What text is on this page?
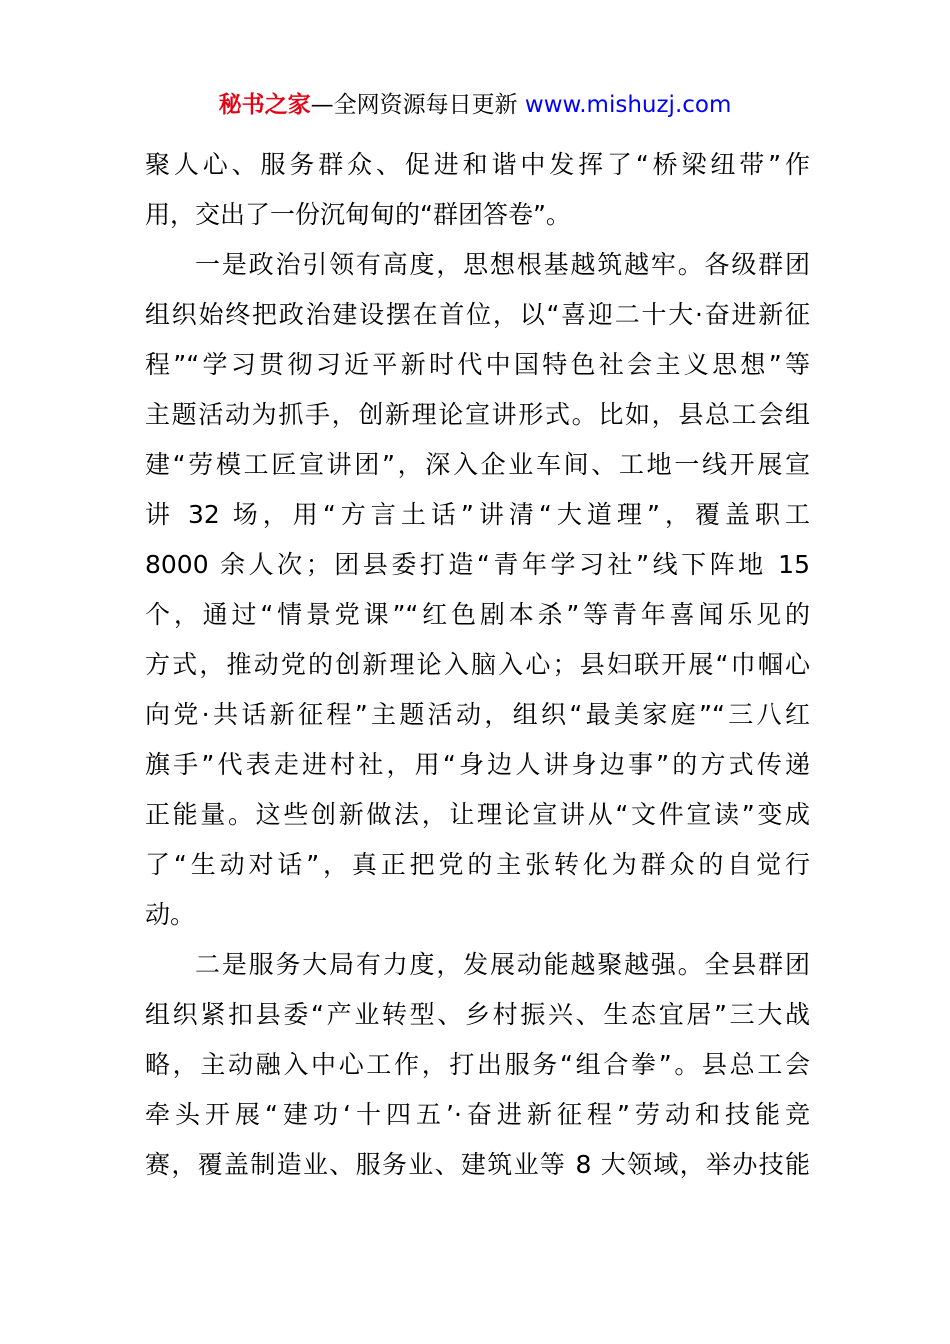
秘书之家—全网资源每日更新 www.mishuzj.com
聚人心、服务群众、促进和谐中发挥了“桥梁纽带”作
用，交出了一份沉甸甸的“群团答卷”。
一是政治引领有高度，思想根基越筑越牢。各级群团
组织始终把政治建设摆在首位，以“喜迎二十大·奋进新征
程”“学习贯彻习近平新时代中国特色社会主义思想”等
主题活动为抓手，创新理论宣讲形式。比如，县总工会组
建“劳模工匠宣讲团”，深入企业车间、工地一线开展宣
讲 32 场，用“方言土话”讲清“大道理”，覆盖职工
8000 余人次；团县委打造“青年学习社”线下阵地 15
个，通过“情景党课”“红色剧本杀”等青年喜闻乐见的
方式，推动党的创新理论入脑入心；县妇联开展“巾帼心
向党·共话新征程”主题活动，组织“最美家庭”“三八红
旗手”代表走进村社，用“身边人讲身边事”的方式传递
正能量。这些创新做法，让理论宣讲从“文件宣读”变成
了“生动对话”，真正把党的主张转化为群众的自觉行
动。
二是服务大局有力度，发展动能越聚越强。全县群团
组织紧扣县委“产业转型、乡村振兴、生态宜居”三大战
略，主动融入中心工作，打出服务“组合拳”。县总工会
牵头开展“建功‘十四五’·奋进新征程”劳动和技能竞
赛，覆盖制造业、服务业、建筑业等 8 大领域，举办技能
